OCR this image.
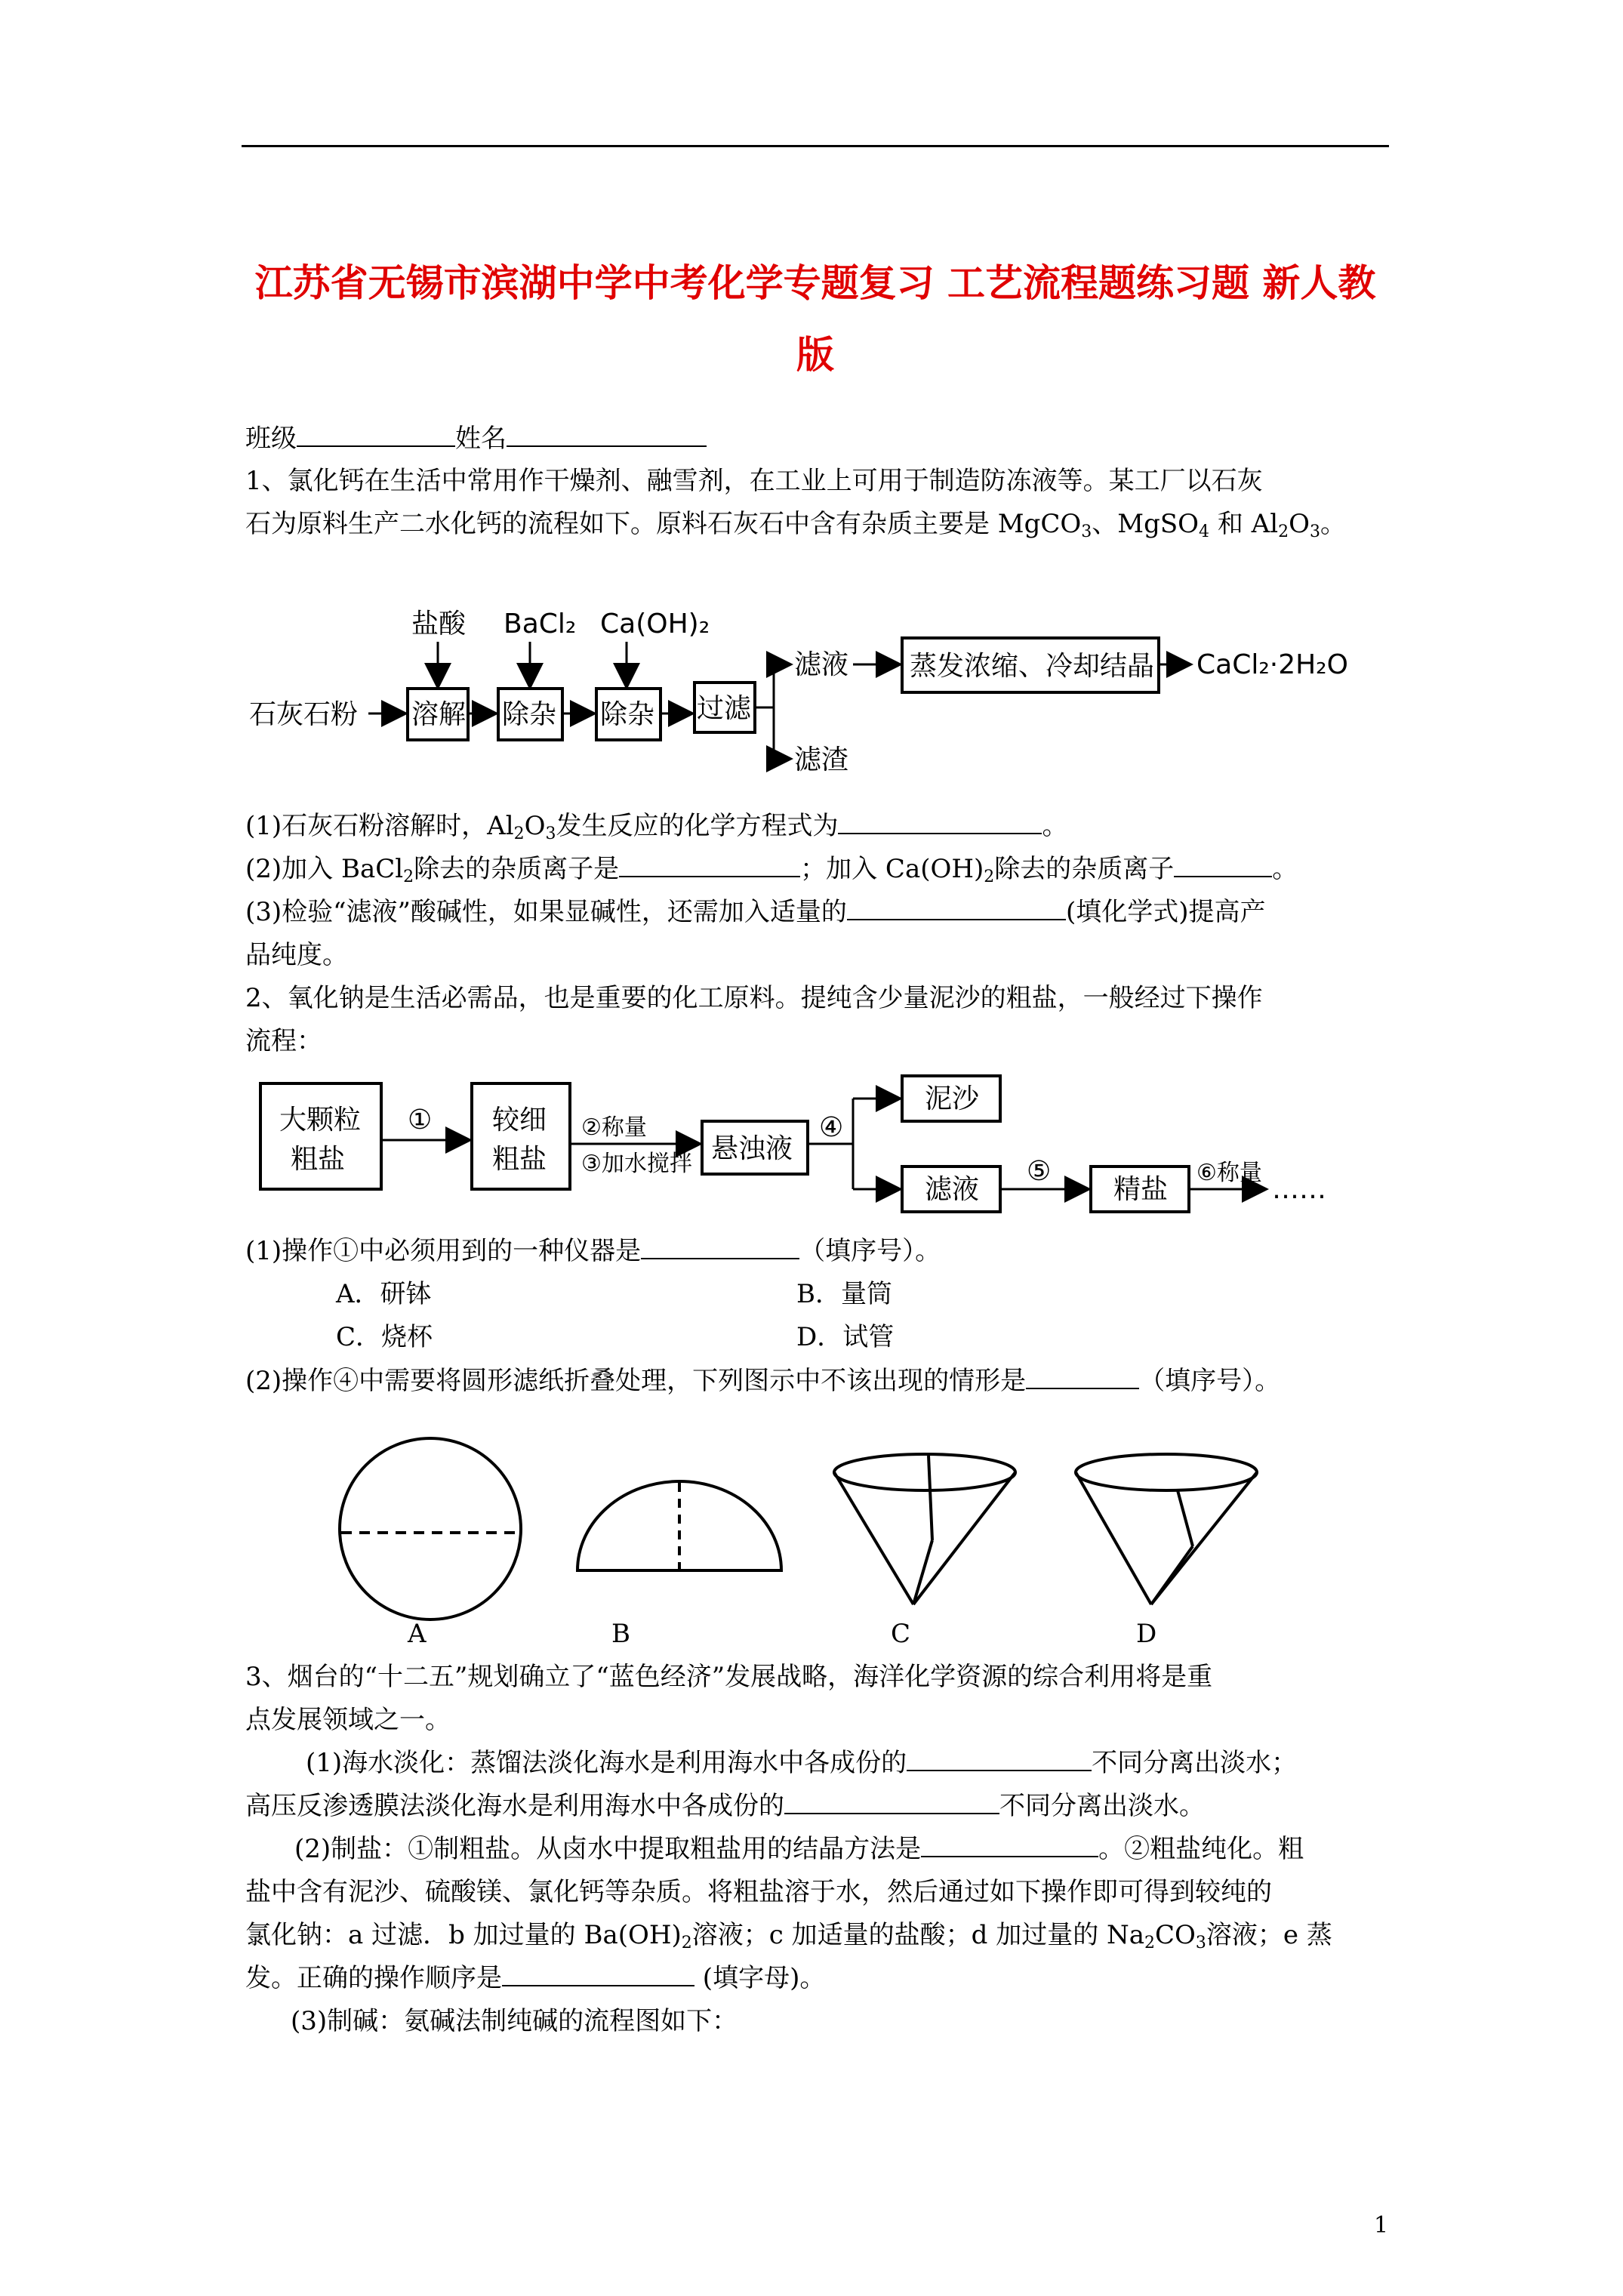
江苏省无锡市滨湖中学中考化学专题复习 工艺流程题练习题 新人教
版
班级	姓名
1、氯化钙在生活中常用作干燥剂、融雪剂，在工业上可用于制造防冻液等。某工厂以石灰
石为原料生产二水化钙的流程如下。原料石灰石中含有杂质主要是 MgCO$_3$、MgSO$_4$ 和 $Al_2O_3$。
盐酸 BaCl₂ Ca(OH)₂
石灰石粉 溶解 除杂 除杂 过滤
滤液
滤渣
蒸发浓缩、冷却结晶 CaCl₂·2H₂O
(1)石灰石粉溶解时，$Al_2O_3$发生反应的化学方程式为	。
(2)加入 BaCl$_2$除去的杂质离子是	；加入 $Ca(OH)_2$除去的杂质离子	。
(3)检验“滤液”酸碱性，如果显碱性，还需加入适量的	(填化学式)提高产
品纯度。
2、氧化钠是生活必需品，也是重要的化工原料。提纯含少量泥沙的粗盐，一般经过下操作
流程：
大颗粒
粗盐
① 较细
粗盐
②称量
③加水搅拌 悬浊液
④
泥沙
滤液
⑤
精盐
⑥称量
……
(1)操作①中必须用到的一种仪器是	（填序号）。
A．研钵	B．量筒
C．烧杯	D．试管
(2)操作④中需要将圆形滤纸折叠处理，下列图示中不该出现的情形是	（填序号）。
A	B	C	D
3、烟台的“十二五”规划确立了“蓝色经济”发展战略，海洋化学资源的综合利用将是重
点发展领域之一。
(1)海水淡化：蒸馏法淡化海水是利用海水中各成份的	不同分离出淡水；
高压反渗透膜法淡化海水是利用海水中各成份的	不同分离出淡水。
(2)制盐：①制粗盐。从卤水中提取粗盐用的结晶方法是	。②粗盐纯化。粗
盐中含有泥沙、硫酸镁、氯化钙等杂质。将粗盐溶于水，然后通过如下操作即可得到较纯的
氯化钠：a 过滤．b 加过量的 $Ba(OH)_2$溶液；c 加适量的盐酸；d 加过量的 $Na_2CO_3$溶液；e 蒸
发。正确的操作顺序是	(填字母)。
(3)制碱：氨碱法制纯碱的流程图如下：
1
